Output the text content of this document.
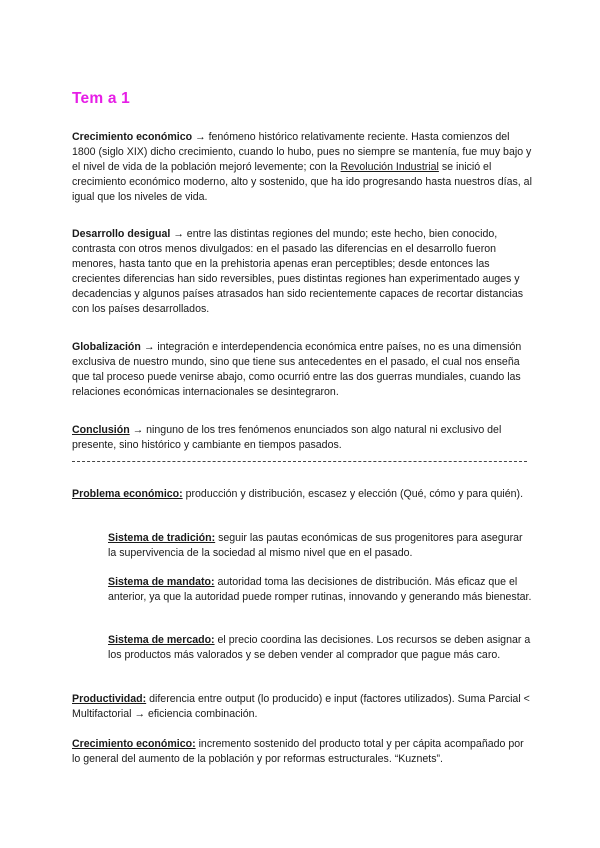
Tem a 1

Crecimiento económico → fenómeno histórico relativamente reciente. Hasta comienzos del 1800 (siglo XIX) dicho crecimiento, cuando lo hubo, pues no siempre se mantenía, fue muy bajo y el nivel de vida de la población mejoró levemente; con la Revolución Industrial se inició el crecimiento económico moderno, alto y sostenido, que ha ido progresando hasta nuestros días, al igual que los niveles de vida.

Desarrollo desigual → entre las distintas regiones del mundo; este hecho, bien conocido, contrasta con otros menos divulgados: en el pasado las diferencias en el desarrollo fueron menores, hasta tanto que en la prehistoria apenas eran perceptibles; desde entonces las crecientes diferencias han sido reversibles, pues distintas regiones han experimentado auges y decadencias y algunos países atrasados han sido recientemente capaces de recortar distancias con los países desarrollados.

Globalización → integración e interdependencia económica entre países, no es una dimensión exclusiva de nuestro mundo, sino que tiene sus antecedentes en el pasado, el cual nos enseña que tal proceso puede venirse abajo, como ocurrió entre las dos guerras mundiales, cuando las relaciones económicas internacionales se desintegraron.

Conclusión → ninguno de los tres fenómenos enunciados son algo natural ni exclusivo del presente, sino histórico y cambiante en tiempos pasados.

Problema económico: producción y distribución, escasez y elección (Qué, cómo y para quién).

Sistema de tradición: seguir las pautas económicas de sus progenitores para asegurar la supervivencia de la sociedad al mismo nivel que en el pasado.

Sistema de mandato: autoridad toma las decisiones de distribución. Más eficaz que el anterior, ya que la autoridad puede romper rutinas, innovando y generando más bienestar.

Sistema de mercado: el precio coordina las decisiones. Los recursos se deben asignar a los productos más valorados y se deben vender al comprador que pague más caro.

Productividad: diferencia entre output (lo producido) e input (factores utilizados). Suma Parcial < Multifactorial → eficiencia combinación.

Crecimiento económico: incremento sostenido del producto total y per cápita acompañado por lo general del aumento de la población y por reformas estructurales. “Kuznets”.
